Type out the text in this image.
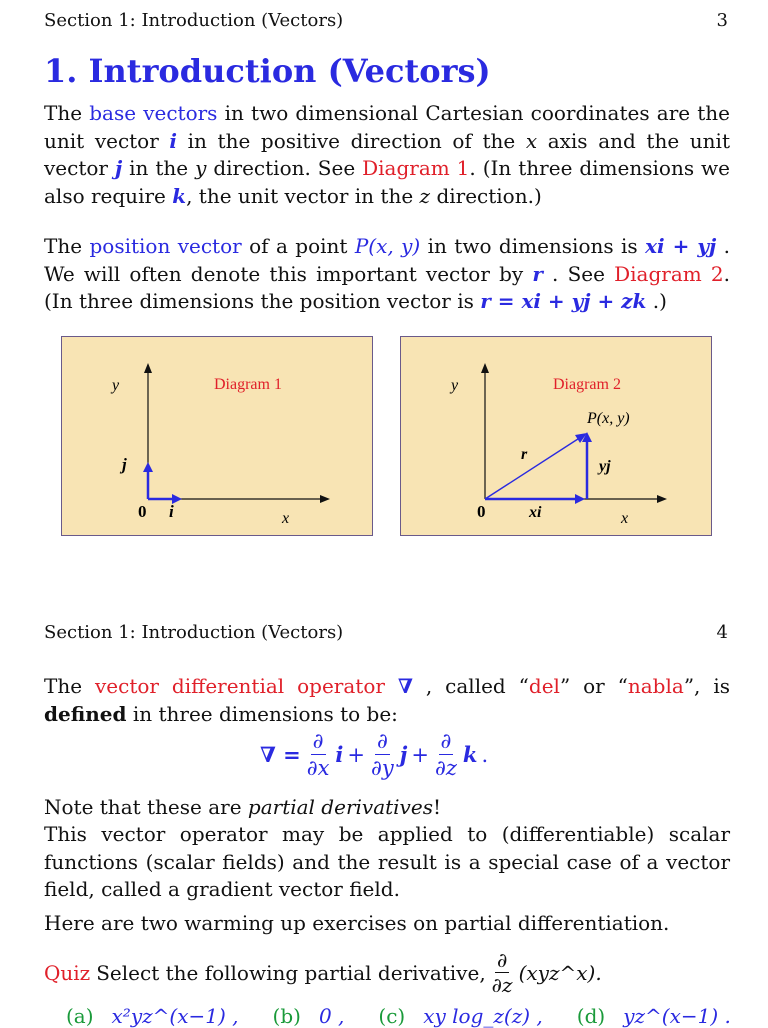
Section 1: Introduction (Vectors)	3
1. Introduction (Vectors)

The base vectors in two dimensional Cartesian coordinates are the unit vector i in the positive direction of the x axis and the unit vector j in the y direction. See Diagram 1. (In three dimensions we also require k, the unit vector in the z direction.)

The position vector of a point P(x, y) in two dimensions is xi + yj . We will often denote this important vector by r . See Diagram 2. (In three dimensions the position vector is r = xi + yj + zk .)

Diagram 1
y
x
j
i
0
Diagram 2
y
x
P(x, y)
r
yj
xi
0
Section 1: Introduction (Vectors)	4

The vector differential operator ∇ , called “del” or “nabla”, is defined in three dimensions to be:

∇ = $\frac{\partial}{\partial x}$ $i + \frac{\partial}{\partial y}$ $j + \frac{\partial}{\partial z}$ k .

Note that these are partial derivatives!

This vector operator may be applied to (differentiable) scalar functions (scalar fields) and the result is a special case of a vector field, called a gradient vector field.

Here are two warming up exercises on partial differentiation.

Quiz Select the following partial derivative, $\frac{\partial}{\partial z}$ (xyz^x).
(a) x²yz^(x−1) , (b) 0 , (c) xy log_z(z) , (d) yz^(x−1) .
